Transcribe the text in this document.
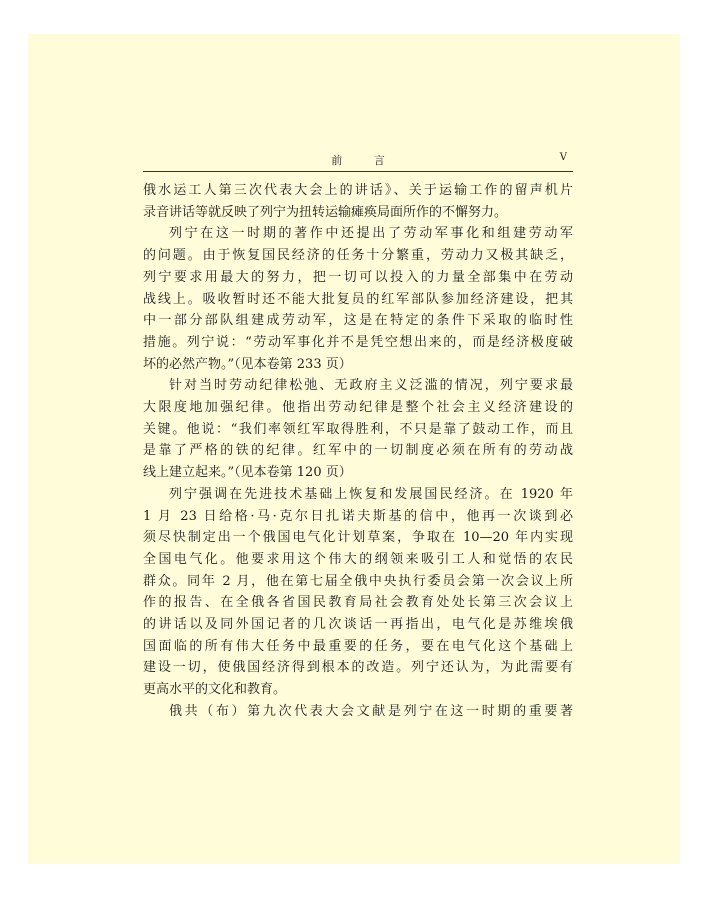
前 言	V

俄水运工人第三次代表大会上的讲话》、关于运输工作的留声机片
录音讲话等就反映了列宁为扭转运输瘫痪局面所作的不懈努力。

列宁在这一时期的著作中还提出了劳动军事化和组建劳动军
的问题。由于恢复国民经济的任务十分繁重，劳动力又极其缺乏，
列宁要求用最大的努力，把一切可以投入的力量全部集中在劳动
战线上。吸收暂时还不能大批复员的红军部队参加经济建设，把其
中一部分部队组建成劳动军，这是在特定的条件下采取的临时性
措施。列宁说：“劳动军事化并不是凭空想出来的，而是经济极度破
坏的必然产物。”（见本卷第 233 页）

针对当时劳动纪律松弛、无政府主义泛滥的情况，列宁要求最
大限度地加强纪律。他指出劳动纪律是整个社会主义经济建设的
关键。他说：“我们率领红军取得胜利，不只是靠了鼓动工作，而且
是靠了严格的铁的纪律。红军中的一切制度必须在所有的劳动战
线上建立起来。”（见本卷第 120 页）

列宁强调在先进技术基础上恢复和发展国民经济。在 1920 年
1 月 23 日给格·马·克尔日扎诺夫斯基的信中，他再一次谈到必
须尽快制定出一个俄国电气化计划草案，争取在 10—20 年内实现
全国电气化。他要求用这个伟大的纲领来吸引工人和觉悟的农民
群众。同年 2 月，他在第七届全俄中央执行委员会第一次会议上所
作的报告、在全俄各省国民教育局社会教育处处长第三次会议上
的讲话以及同外国记者的几次谈话一再指出，电气化是苏维埃俄
国面临的所有伟大任务中最重要的任务，要在电气化这个基础上
建设一切，使俄国经济得到根本的改造。列宁还认为，为此需要有
更高水平的文化和教育。

俄共（布）第九次代表大会文献是列宁在这一时期的重要著
